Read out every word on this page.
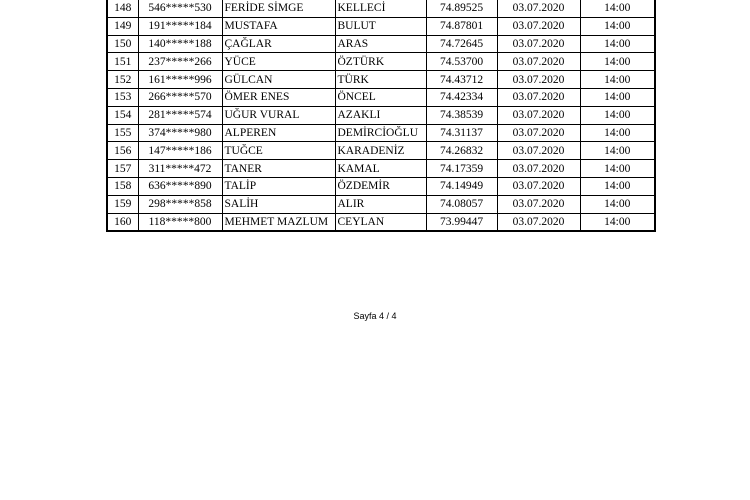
148	546*****530	FERİDE SİMGE	KELLECİ	74.89525	03.07.2020	14:00
149	191*****184	MUSTAFA	BULUT	74.87801	03.07.2020	14:00
150	140*****188	ÇAĞLAR	ARAS	74.72645	03.07.2020	14:00
151	237*****266	YÜCE	ÖZTÜRK	74.53700	03.07.2020	14:00
152	161*****996	GÜLCAN	TÜRK	74.43712	03.07.2020	14:00
153	266*****570	ÖMER ENES	ÖNCEL	74.42334	03.07.2020	14:00
154	281*****574	UĞUR VURAL	AZAKLI	74.38539	03.07.2020	14:00
155	374*****980	ALPEREN	DEMİRCİOĞLU	74.31137	03.07.2020	14:00
156	147*****186	TUĞCE	KARADENİZ	74.26832	03.07.2020	14:00
157	311*****472	TANER	KAMAL	74.17359	03.07.2020	14:00
158	636*****890	TALİP	ÖZDEMİR	74.14949	03.07.2020	14:00
159	298*****858	SALİH	ALIR	74.08057	03.07.2020	14:00
160	118*****800	MEHMET MAZLUM	CEYLAN	73.99447	03.07.2020	14:00
Sayfa 4 / 4
